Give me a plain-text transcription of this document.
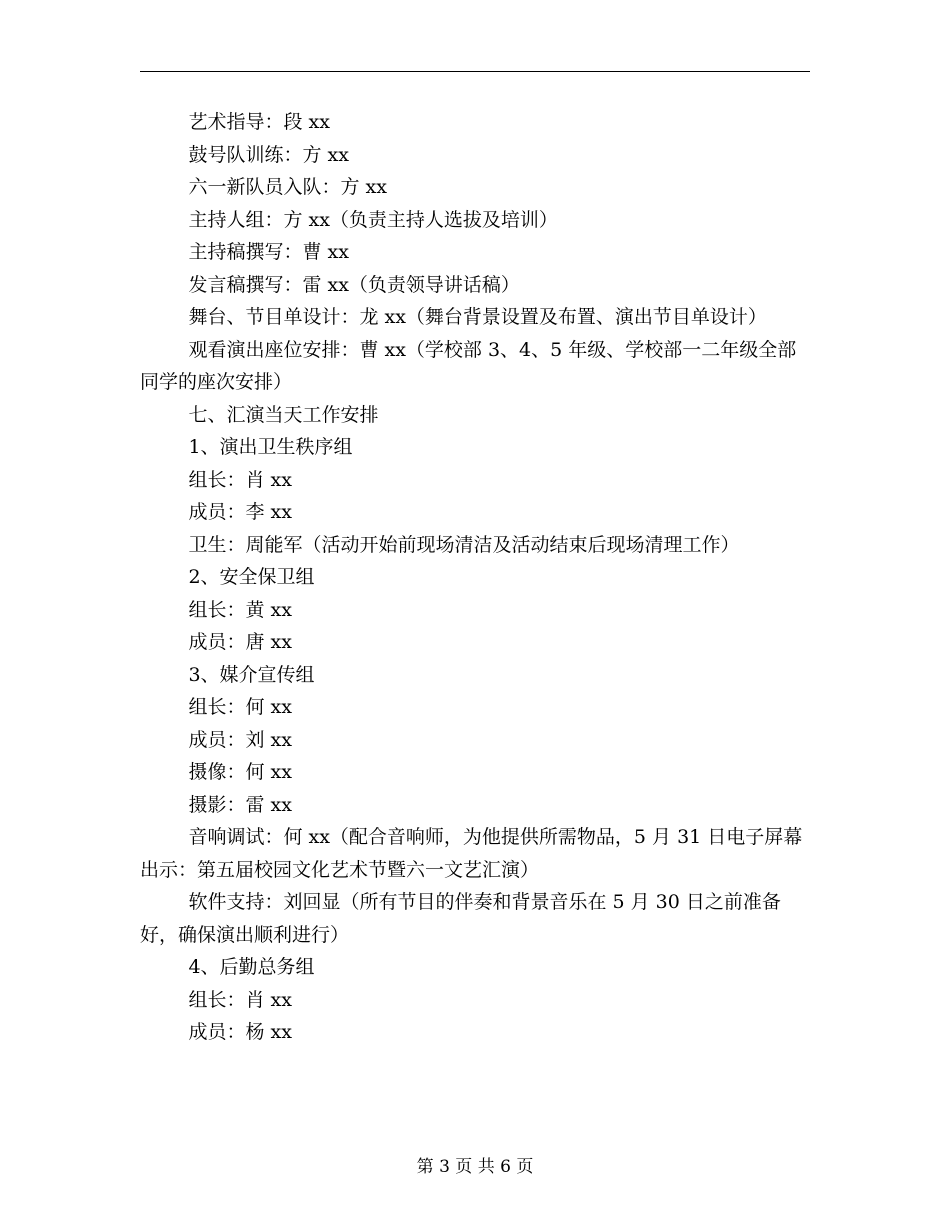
艺术指导：段 xx

鼓号队训练：方 xx

六一新队员入队：方 xx

主持人组：方 xx（负责主持人选拔及培训）

主持稿撰写：曹 xx

发言稿撰写：雷 xx（负责领导讲话稿）

舞台、节目单设计：龙 xx（舞台背景设置及布置、演出节目单设计）

观看演出座位安排：曹 xx（学校部 3、4、5 年级、学校部一二年级全部同学的座次安排）

七、汇演当天工作安排

1、演出卫生秩序组

组长：肖 xx

成员：李 xx

卫生：周能军（活动开始前现场清洁及活动结束后现场清理工作）

2、安全保卫组

组长：黄 xx

成员：唐 xx

3、媒介宣传组

组长：何 xx

成员：刘 xx

摄像：何 xx

摄影：雷 xx

音响调试：何 xx（配合音响师，为他提供所需物品，5 月 31 日电子屏幕出示：第五届校园文化艺术节暨六一文艺汇演）

软件支持：刘回显（所有节目的伴奏和背景音乐在 5 月 30 日之前准备好，确保演出顺利进行）

4、后勤总务组

组长：肖 xx

成员：杨 xx

第 3 页 共 6 页
